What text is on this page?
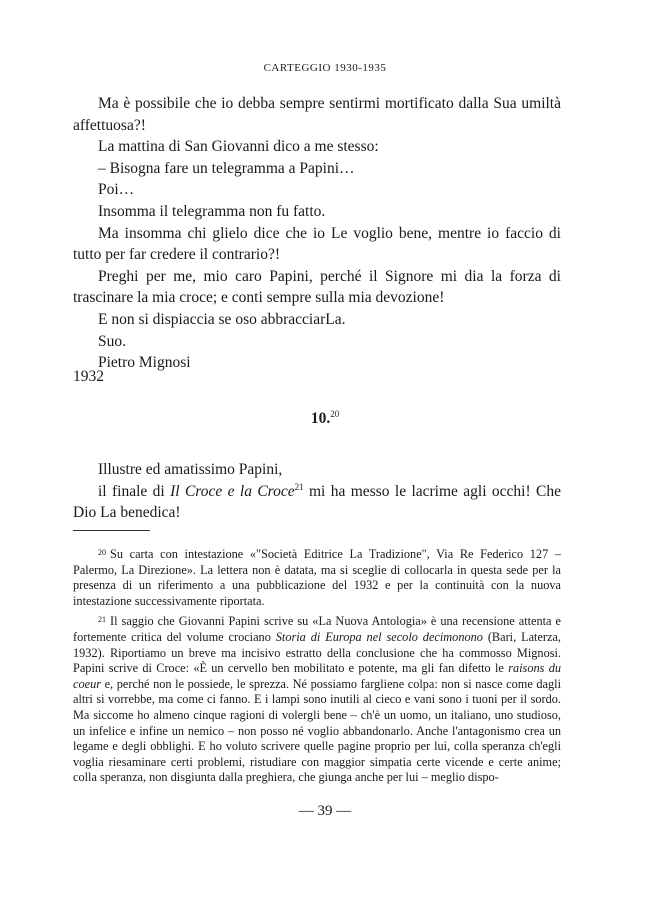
CARTEGGIO 1930-1935

Ma è possibile che io debba sempre sentirmi mortificato dalla Sua umiltà affettuosa?!

La mattina di San Giovanni dico a me stesso:

– Bisogna fare un telegramma a Papini…

Poi…

Insomma il telegramma non fu fatto.

Ma insomma chi glielo dice che io Le voglio bene, mentre io faccio di tutto per far credere il contrario?!

Preghi per me, mio caro Papini, perché il Signore mi dia la forza di trascinare la mia croce; e conti sempre sulla mia devozione!

E non si dispiaccia se oso abbracciarLa.

Suo.

Pietro Mignosi

1932
10.20

Illustre ed amatissimo Papini,

il finale di Il Croce e la Croce$^{21}$ mi ha messo le lacrime agli occhi! Che Dio La benedica!

$^{20}$ Su carta con intestazione «"Società Editrice La Tradizione", Via Re Federico 127 – Palermo, La Direzione». La lettera non è datata, ma si sceglie di collocarla in questa sede per la presenza di un riferimento a una pubblicazione del 1932 e per la continuità con la nuova intestazione successivamente riportata.

$^{21}$ Il saggio che Giovanni Papini scrive su «La Nuova Antologia» è una recensione attenta e fortemente critica del volume crociano Storia di Europa nel secolo decimonono (Bari, Laterza, 1932). Riportiamo un breve ma incisivo estratto della conclusione che ha commosso Mignosi. Papini scrive di Croce: «È un cervello ben mobilitato e potente, ma gli fan difetto le raisons du coeur e, perché non le possiede, le sprezza. Né possiamo fargliene colpa: non si nasce come dagli altri si vorrebbe, ma come ci fanno. E i lampi sono inutili al cieco e vani sono i tuoni per il sordo. Ma siccome ho almeno cinque ragioni di volergli bene – ch'è un uomo, un italiano, uno studioso, un infelice e infine un nemico – non posso né voglio abbandonarlo. Anche l'antagonismo crea un legame e degli obblighi. E ho voluto scrivere quelle pagine proprio per lui, colla speranza ch'egli voglia riesaminare certi problemi, ristudiare con maggior simpatia certe vicende e certe anime; colla speranza, non disgiunta dalla preghiera, che giunga anche per lui – meglio dispo-

— 39 —
